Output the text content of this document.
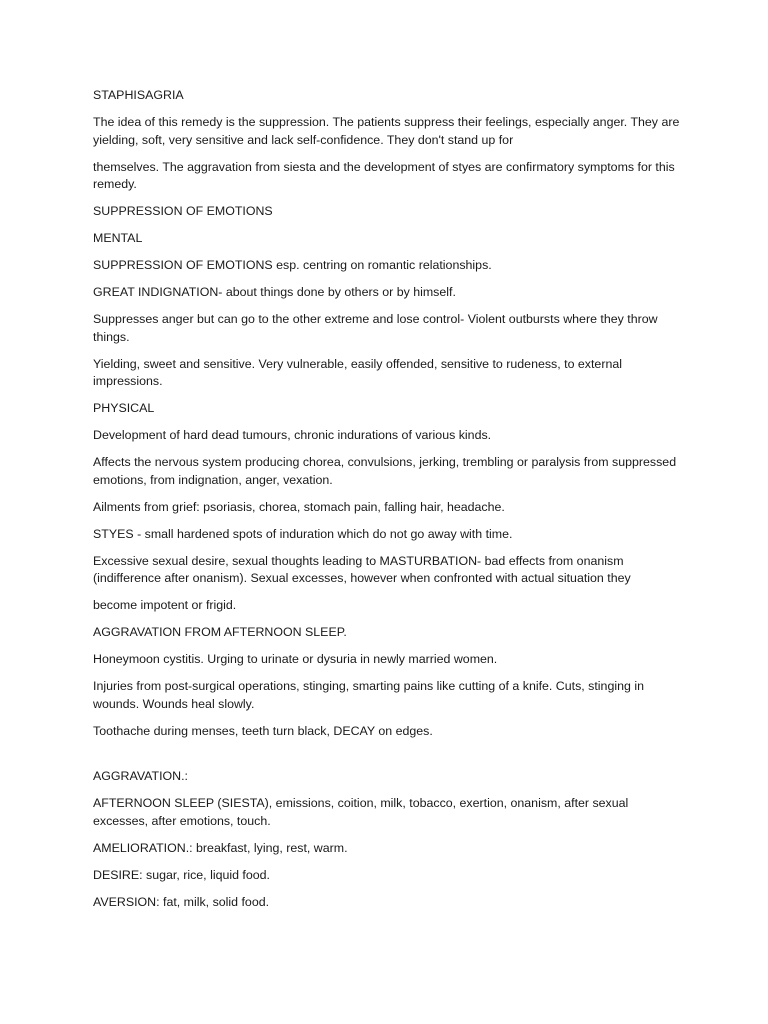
STAPHISAGRIA

The idea of this remedy is the suppression. The patients suppress their feelings, especially anger. They are yielding, soft, very sensitive and lack self-confidence. They don't stand up for

themselves. The aggravation from siesta and the development of styes are confirmatory symptoms for this remedy.

SUPPRESSION OF EMOTIONS

MENTAL

SUPPRESSION OF EMOTIONS esp. centring on romantic relationships.

GREAT INDIGNATION- about things done by others or by himself.

Suppresses anger but can go to the other extreme and lose control- Violent outbursts where they throw things.

Yielding, sweet and sensitive. Very vulnerable, easily offended, sensitive to rudeness, to external impressions.

PHYSICAL

Development of hard dead tumours, chronic indurations of various kinds.

Affects the nervous system producing chorea, convulsions, jerking, trembling or paralysis from suppressed emotions, from indignation, anger, vexation.

Ailments from grief: psoriasis, chorea, stomach pain, falling hair, headache.

STYES - small hardened spots of induration which do not go away with time.

Excessive sexual desire, sexual thoughts leading to MASTURBATION- bad effects from onanism (indifference after onanism). Sexual excesses, however when confronted with actual situation they

become impotent or frigid.

AGGRAVATION FROM AFTERNOON SLEEP.

Honeymoon cystitis. Urging to urinate or dysuria in newly married women.

Injuries from post-surgical operations, stinging, smarting pains like cutting of a knife. Cuts, stinging in wounds. Wounds heal slowly.

Toothache during menses, teeth turn black, DECAY on edges.

AGGRAVATION.:

AFTERNOON SLEEP (SIESTA), emissions, coition, milk, tobacco, exertion, onanism, after sexual excesses, after emotions, touch.

AMELIORATION.: breakfast, lying, rest, warm.

DESIRE: sugar, rice, liquid food.

AVERSION: fat, milk, solid food.
